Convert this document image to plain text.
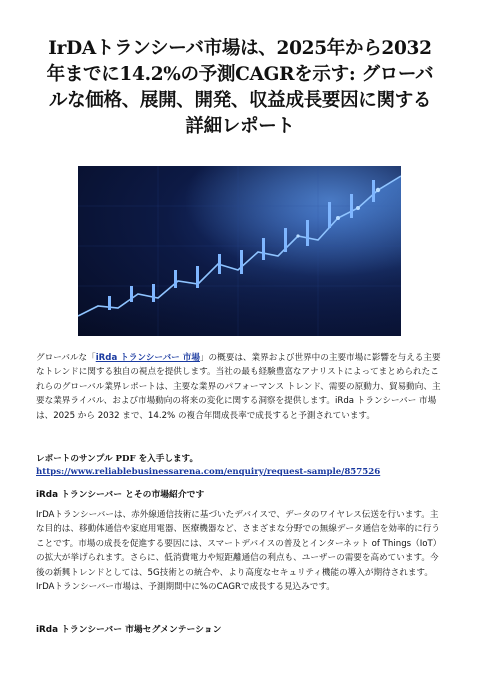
IrDAトランシーバ市場は、2025年から2032年までに14.2%の予測CAGRを示す: グローバルな価格、展開、開発、収益成長要因に関する詳細レポート
グローバルな「iRda トランシーバー 市場」の概要は、業界および世界中の主要市場に影響を与える主要なトレンドに関する独自の視点を提供します。当社の最も経験豊富なアナリストによってまとめられたこれらのグローバル業界レポートは、主要な業界のパフォーマンス トレンド、需要の原動力、貿易動向、主要な業界ライバル、および市場動向の将来の変化に関する洞察を提供します。iRda トランシーバー 市場は、2025 から 2032 まで、14.2% の複合年間成長率で成長すると予測されています。
レポートのサンプル PDF を入手します。 https://www.reliablebusinessarena.com/enquiry/request-sample/857526
iRda トランシーバー とその市場紹介です
IrDAトランシーバーは、赤外線通信技術に基づいたデバイスで、データのワイヤレス伝送を行います。主な目的は、移動体通信や家庭用電器、医療機器など、さまざまな分野での無線データ通信を効率的に行うことです。市場の成長を促進する要因には、スマートデバイスの普及とインターネット of Things（IoT）の拡大が挙げられます。さらに、低消費電力や短距離通信の利点も、ユーザーの需要を高めています。今後の新興トレンドとしては、5G技術との統合や、より高度なセキュリティ機能の導入が期待されます。IrDAトランシーバー市場は、予測期間中に%のCAGRで成長する見込みです。
iRda トランシーバー 市場セグメンテーション
